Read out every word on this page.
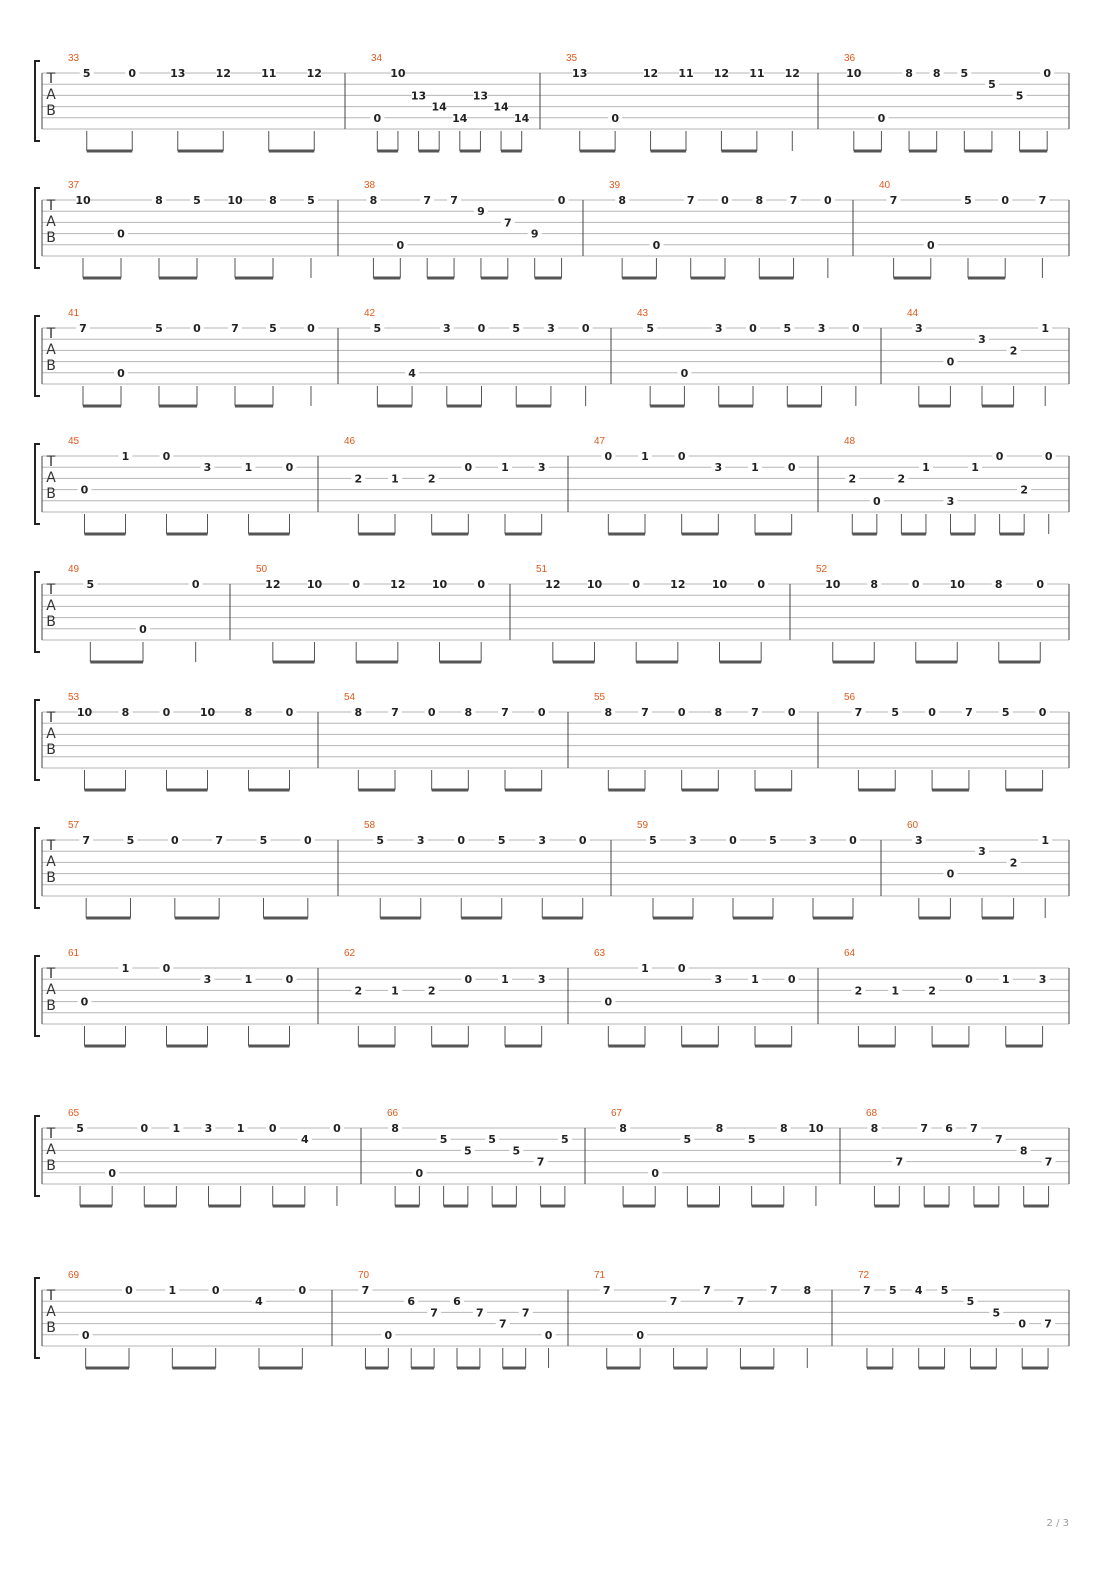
T
A
B
33
5	0	13	12	11	12
34
0
10
13
14
14
13
14
14
35
13
0
12 11 12 11 12
36
10
0
8 8 5
5
5
0
T
A
B
37
10
0
8	5 10 8	5
38
8
0
7 7
9
7
9
0
39
8
0
7 0 8 7 0
40
7
0
5	0	7
T
A
B
41
7
0
5	0	7	5	0
42
5
4
3 0 5 3 0
43
5
0
3 0 5 3 0
44
3
0
3
2
1
T
A
B
45
0
1	0
3	1	0
46
2	1	2
0	1	3
47
0	1	0
3	1	0
48
2
0
2
1
3
1
0
2
0
T
A
B
49
5
0
0
50
12 10	0	12 10	0
51
12 10	0	12 10	0
52
10	8	0	10	8	0
T
A
B
53
10	8	0	10	8	0
54
8	7	0	8	7	0
55
8	7	0	8	7	0
56
7	5	0	7	5	0
T
A
B
57
7	5	0	7	5	0
58
5	3	0	5	3	0
59
5	3	0	5	3	0
60
3
0
3
2
1
T
A
B
61
0
1	0
3	1	0
62
2	1	2
0	1	3
63
0
1	0
3	1	0
64
2	1	2
0	1	3
T
A
B
65
5
0
0 1 3 1 0
4
0
66
8
0
5
5
5
5
7
5
67
8
0
5
8
5
8 10
68
8
7
7 6 7
7
8
7
T
A
B
69
0
0	1	0
4
0
70
7
0
6
7
6
7
7
7
0
71
7
0
7
7
7
7 8
72
7 5 4 5
5
5
0 7
2 / 3
